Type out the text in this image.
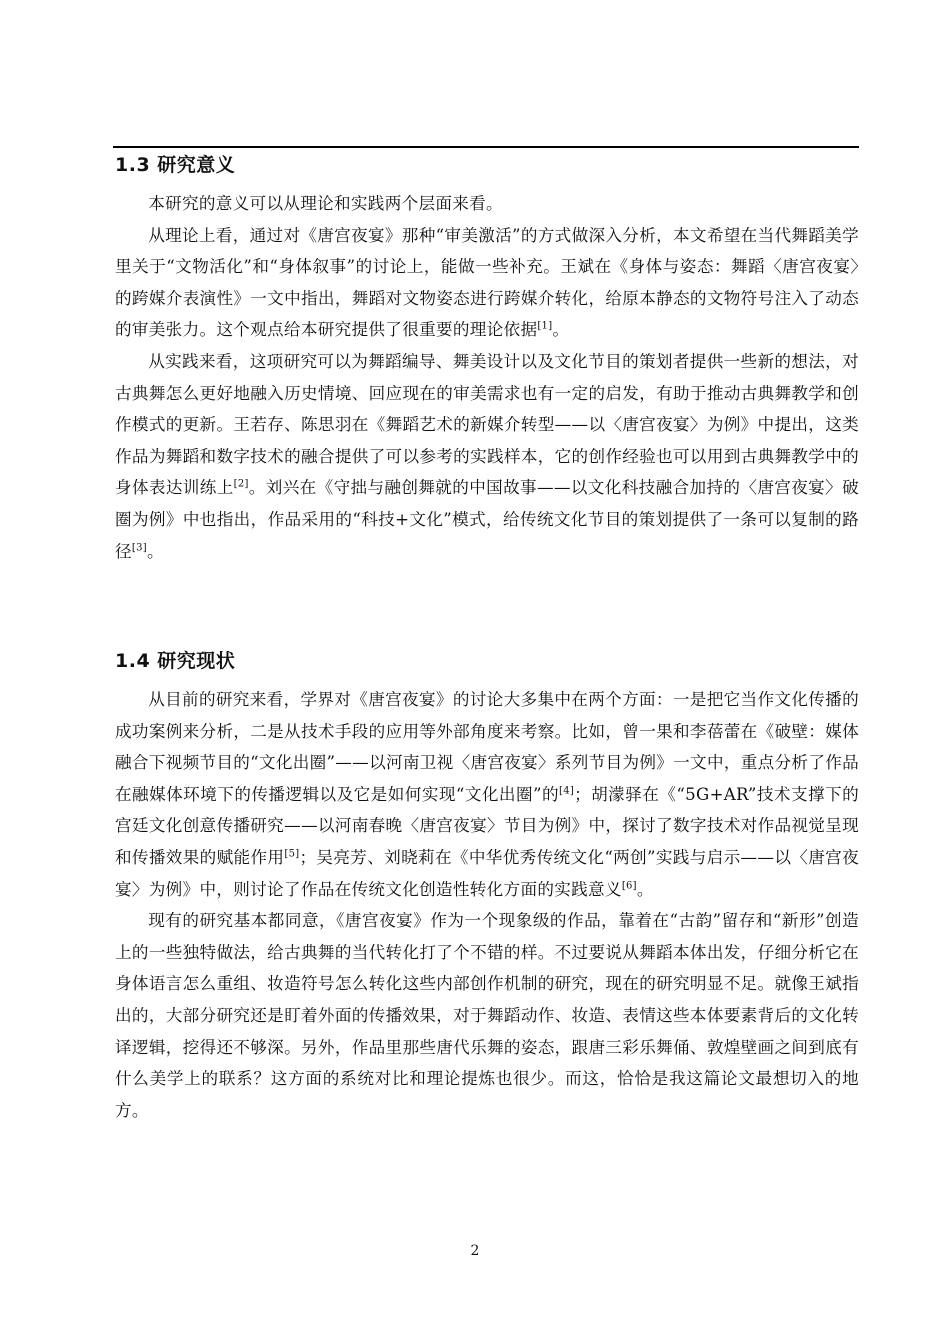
1.3 研究意义

本研究的意义可以从理论和实践两个层面来看。

从理论上看，通过对《唐宫夜宴》那种“审美激活”的方式做深入分析，本文希望在当代舞蹈美学里关于“文物活化”和“身体叙事”的讨论上，能做一些补充。王斌在《身体与姿态：舞蹈〈唐宫夜宴〉的跨媒介表演性》一文中指出，舞蹈对文物姿态进行跨媒介转化，给原本静态的文物符号注入了动态的审美张力。这个观点给本研究提供了很重要的理论依据[1]。

从实践来看，这项研究可以为舞蹈编导、舞美设计以及文化节目的策划者提供一些新的想法，对古典舞怎么更好地融入历史情境、回应现在的审美需求也有一定的启发，有助于推动古典舞教学和创作模式的更新。王若存、陈思羽在《舞蹈艺术的新媒介转型——以〈唐宫夜宴〉为例》中提出，这类作品为舞蹈和数字技术的融合提供了可以参考的实践样本，它的创作经验也可以用到古典舞教学中的身体表达训练上[2]。刘兴在《守拙与融创舞就的中国故事——以文化科技融合加持的〈唐宫夜宴〉破圈为例》中也指出，作品采用的“科技+文化”模式，给传统文化节目的策划提供了一条可以复制的路径[3]。

1.4 研究现状

从目前的研究来看，学界对《唐宫夜宴》的讨论大多集中在两个方面：一是把它当作文化传播的成功案例来分析，二是从技术手段的应用等外部角度来考察。比如，曾一果和李蓓蕾在《破壁：媒体融合下视频节目的“文化出圈”——以河南卫视〈唐宫夜宴〉系列节目为例》一文中，重点分析了作品在融媒体环境下的传播逻辑以及它是如何实现“文化出圈”的[4]；胡濛驿在《“5G+AR”技术支撑下的宫廷文化创意传播研究——以河南春晚〈唐宫夜宴〉节目为例》中，探讨了数字技术对作品视觉呈现和传播效果的赋能作用[5]；吴亮芳、刘晓莉在《中华优秀传统文化“两创”实践与启示——以〈唐宫夜宴〉为例》中，则讨论了作品在传统文化创造性转化方面的实践意义[6]。

现有的研究基本都同意，《唐宫夜宴》作为一个现象级的作品，靠着在“古韵”留存和“新形”创造上的一些独特做法，给古典舞的当代转化打了个不错的样。不过要说从舞蹈本体出发，仔细分析它在身体语言怎么重组、妆造符号怎么转化这些内部创作机制的研究，现在的研究明显不足。就像王斌指出的，大部分研究还是盯着外面的传播效果，对于舞蹈动作、妆造、表情这些本体要素背后的文化转译逻辑，挖得还不够深。另外，作品里那些唐代乐舞的姿态，跟唐三彩乐舞俑、敦煌壁画之间到底有什么美学上的联系？这方面的系统对比和理论提炼也很少。而这，恰恰是我这篇论文最想切入的地方。

2
